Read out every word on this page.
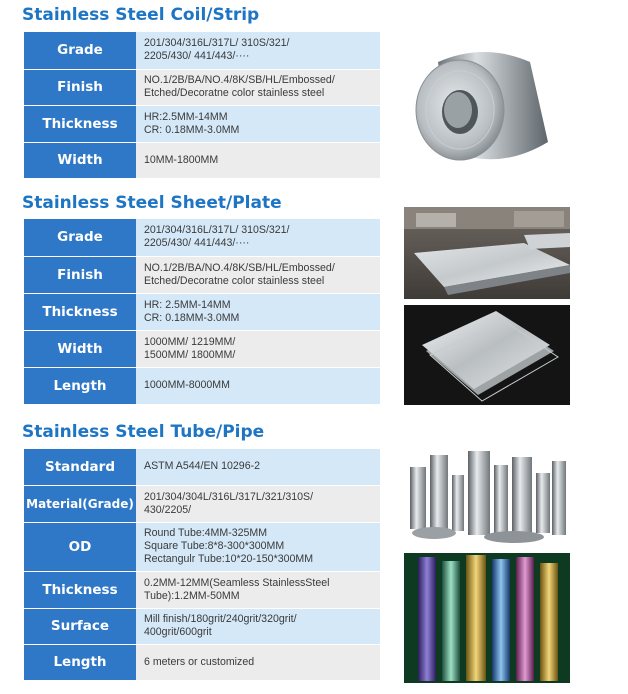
Stainless Steel Coil/Strip
Grade	201/304/316L/317L/ 310S/321/
2205/430/ 441/443/····

Finish	NO.1/2B/BA/NO.4/8K/SB/HL/Embossed/
Etched/Decoratne color stainless steel

Thickness	HR:2.5MM-14MM
CR: 0.18MM-3.0MM

Width	10MM-1800MM
Stainless Steel Sheet/Plate
Grade	201/304/316L/317L/ 310S/321/
2205/430/ 441/443/····

Finish	NO.1/2B/BA/NO.4/8K/SB/HL/Embossed/
Etched/Decoratne color stainless steel

Thickness	HR: 2.5MM-14MM
CR: 0.18MM-3.0MM

Width	1000MM/ 1219MM/
1500MM/ 1800MM/

Length	1000MM-8000MM
Stainless Steel Tube/Pipe
Standard	ASTM A544/EN 10296-2

Material(Grade)	201/304/304L/316L/317L/321/310S/
430/2205/

OD	Round Tube:4MM-325MM
Square Tube:8*8-300*300MM
Rectangulr Tube:10*20-150*300MM

Thickness	0.2MM-12MM(Seamless StainlessSteel
Tube):1.2MM-50MM

Surface	Mill finish/180grit/240grit/320grit/
400grit/600grit

Length	6 meters or customized
